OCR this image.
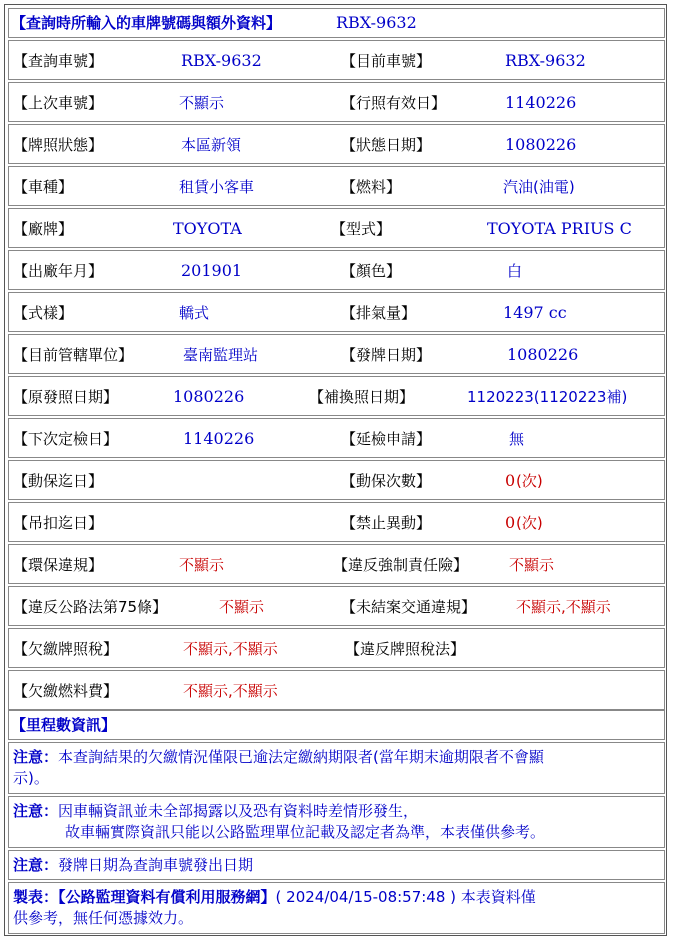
【查詢時所輸入的車牌號碼與額外資料】	RBX-9632
【查詢車號】	RBX-9632	【目前車號】	RBX-9632
【上次車號】	不顯示	【行照有效日】	1140226
【牌照狀態】	本區新領	【狀態日期】	1080226
【車種】	租賃小客車	【燃料】	汽油(油電)
【廠牌】	TOYOTA	【型式】	TOYOTA PRIUS C
【出廠年月】	201901	【顏色】	白
【式樣】	轎式	【排氣量】	1497 cc
【目前管轄單位】	臺南監理站	【發牌日期】	1080226
【原發照日期】	1080226	【補換照日期】	1120223(1120223補)
【下次定檢日】	1140226	【延檢申請】	無
【動保迄日】	【動保次數】	0 (次)
【吊扣迄日】	【禁止異動】	0 (次)
【環保違規】	不顯示	【違反強制責任險】	不顯示
【違反公路法第75條】	不顯示	【未結案交通違規】	不顯示,不顯示
【欠繳牌照稅】	不顯示,不顯示	【違反牌照稅法】
【欠繳燃料費】	不顯示,不顯示
【里程數資訊】
注意：本查詢結果的欠繳情況僅限已逾法定繳納期限者(當年期末逾期限者不會顯
示)。
注意：因車輛資訊並未全部揭露以及恐有資料時差情形發生，
故車輛實際資訊只能以公路監理單位記載及認定者為準，本表僅供參考。
注意：發牌日期為查詢車號發出日期
製表：【公路監理資料有償利用服務網】( 2024/04/15-08:57:48 ) 本表資料僅
供參考，無任何憑據效力。
